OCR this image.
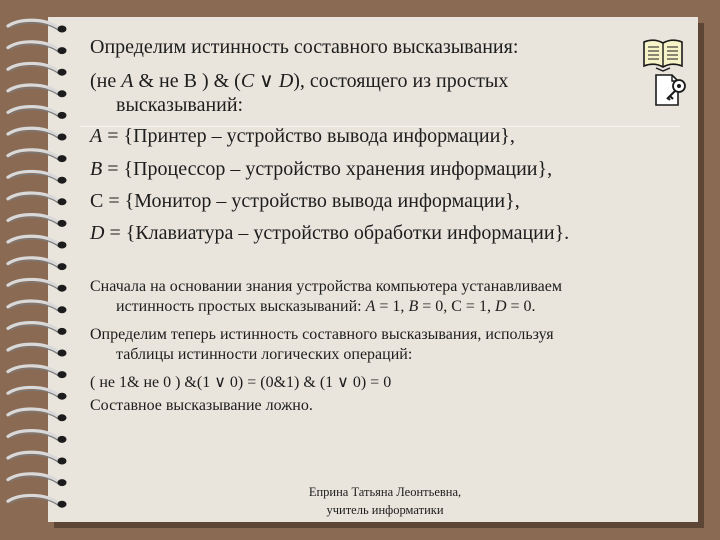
Определим истинность составного высказывания:
(не A & не В ) & (С ∨ D), состоящего из простых
высказываний:
A = {Принтер – устройство вывода информации},
B = {Процессор – устройство хранения информации},
С = {Монитор – устройство вывода информации},
D = {Клавиатура – устройство обработки информации}.
Сначала на основании знания устройства компьютера устанавливаем
истинность простых высказываний: A = 1, B = 0, С = 1, D = 0.
Определим теперь истинность составного высказывания, используя
таблицы истинности логических операций:
( не 1& не 0 ) &(1 ∨ 0) = (0&1) & (1 ∨ 0) = 0
Составное высказывание ложно.
Еприна Татьяна Леонтьевна,
учитель информатики
